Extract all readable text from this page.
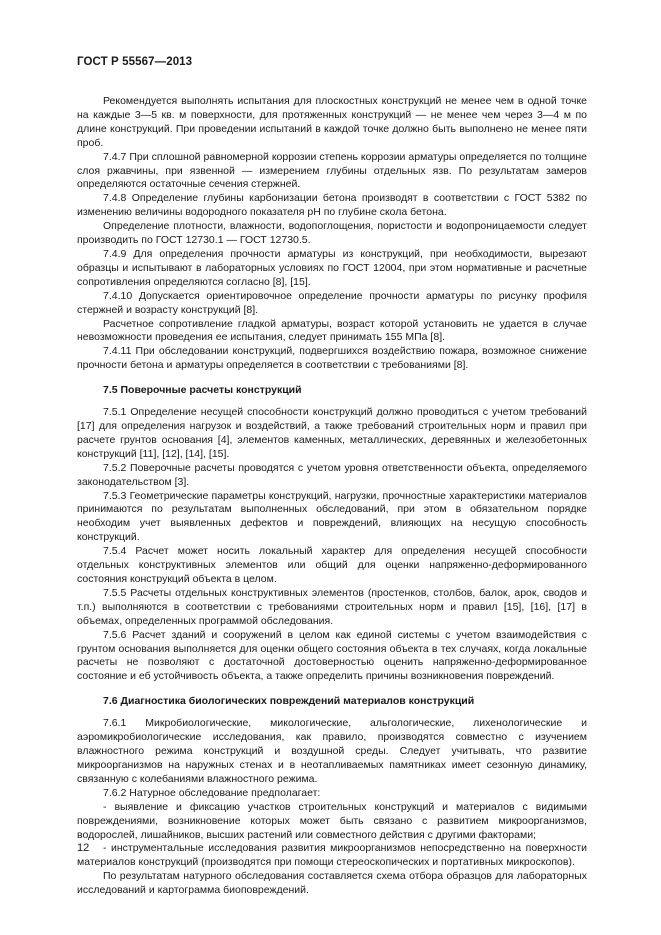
ГОСТ Р 55567—2013

Рекомендуется выполнять испытания для плоскостных конструкций не менее чем в одной точке на каждые 3—5 кв. м поверхности, для протяженных конструкций — не менее чем через 3—4 м по длине конструкций. При проведении испытаний в каждой точке должно быть выполнено не менее пяти проб.

7.4.7 При сплошной равномерной коррозии степень коррозии арматуры определяется по толщине слоя ржавчины, при язвенной — измерением глубины отдельных язв. По результатам замеров определяются остаточные сечения стержней.

7.4.8 Определение глубины карбонизации бетона производят в соответствии с ГОСТ 5382 по изменению величины водородного показателя pH по глубине скола бетона.

Определение плотности, влажности, водопоглощения, пористости и водопроницаемости следует производить по ГОСТ 12730.1 — ГОСТ 12730.5.

7.4.9 Для определения прочности арматуры из конструкций, при необходимости, вырезают образцы и испытывают в лабораторных условиях по ГОСТ 12004, при этом нормативные и расчетные сопротивления определяются согласно [8], [15].

7.4.10 Допускается ориентировочное определение прочности арматуры по рисунку профиля стержней и возрасту конструкций [8].

Расчетное сопротивление гладкой арматуры, возраст которой установить не удается в случае невозможности проведения ее испытания, следует принимать 155 МПа [8].

7.4.11 При обследовании конструкций, подвергшихся воздействию пожара, возможное снижение прочности бетона и арматуры определяется в соответствии с требованиями [8].

7.5 Поверочные расчеты конструкций

7.5.1 Определение несущей способности конструкций должно проводиться с учетом требований [17] для определения нагрузок и воздействий, а также требований строительных норм и правил при расчете грунтов основания [4], элементов каменных, металлических, деревянных и железобетонных конструкций [11], [12], [14], [15].

7.5.2 Поверочные расчеты проводятся с учетом уровня ответственности объекта, определяемого законодательством [3].

7.5.3 Геометрические параметры конструкций, нагрузки, прочностные характеристики материалов принимаются по результатам выполненных обследований, при этом в обязательном порядке необходим учет выявленных дефектов и повреждений, влияющих на несущую способность конструкций.

7.5.4 Расчет может носить локальный характер для определения несущей способности отдельных конструктивных элементов или общий для оценки напряженно-деформированного состояния конструкций объекта в целом.

7.5.5 Расчеты отдельных конструктивных элементов (простенков, столбов, балок, арок, сводов и т.п.) выполняются в соответствии с требованиями строительных норм и правил [15], [16], [17] в объемах, определенных программой обследования.

7.5.6 Расчет зданий и сооружений в целом как единой системы с учетом взаимодействия с грунтом основания выполняется для оценки общего состояния объекта в тех случаях, когда локальные расчеты не позволяют с достаточной достоверностью оценить напряженно-деформированное состояние и еб устойчивость объекта, а также определить причины возникновения повреждений.

7.6 Диагностика биологических повреждений материалов конструкций

7.6.1 Микробиологические, микологические, альгологические, лихенологические и аэромикробиологические исследования, как правило, производятся совместно с изучением влажностного режима конструкций и воздушной среды. Следует учитывать, что развитие микроорганизмов на наружных стенах и в неотапливаемых памятниках имеет сезонную динамику, связанную с колебаниями влажностного режима.

7.6.2 Натурное обследование предполагает:

- выявление и фиксацию участков строительных конструкций и материалов с видимыми повреждениями, возникновение которых может быть связано с развитием микроорганизмов, водорослей, лишайников, высших растений или совместного действия с другими факторами;

- инструментальные исследования развития микроорганизмов непосредственно на поверхности материалов конструкций (производятся при помощи стереоскопических и портативных микроскопов).

По результатам натурного обследования составляется схема отбора образцов для лабораторных исследований и картограмма биоповреждений.

12
